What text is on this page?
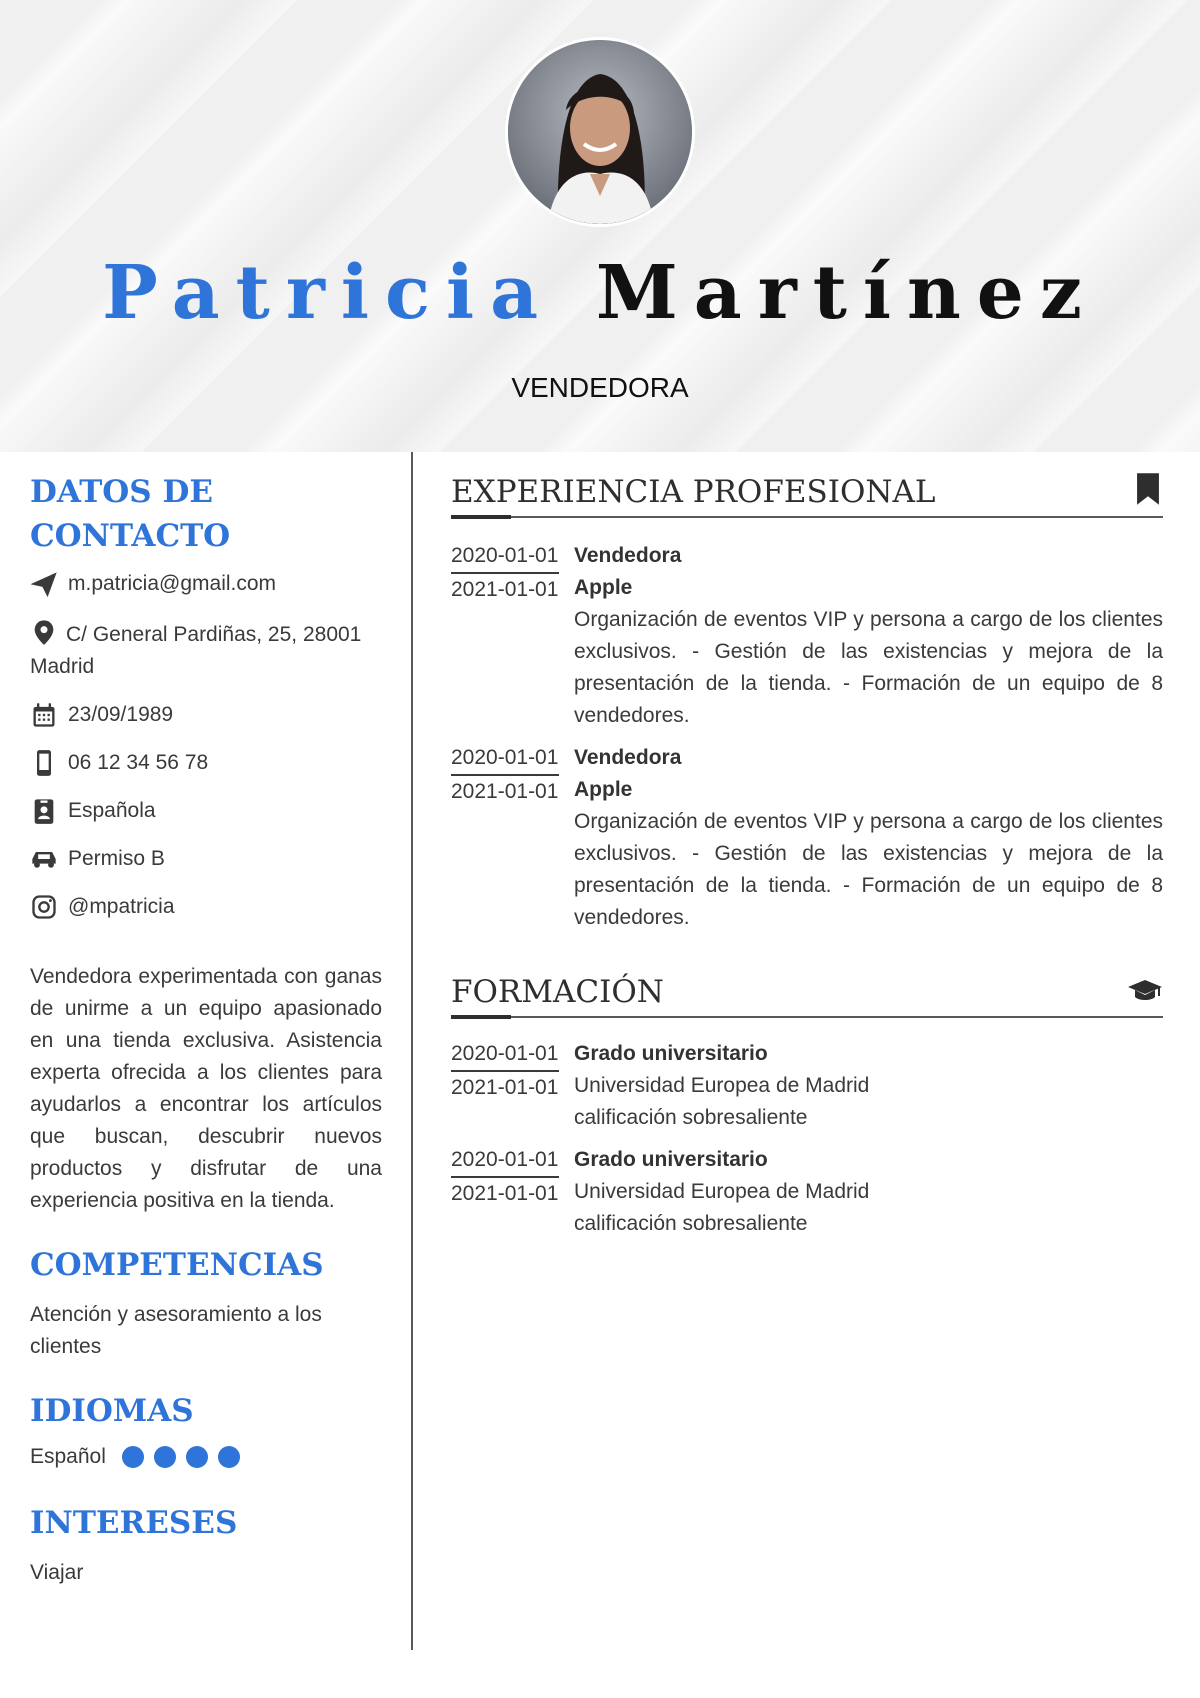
Patricia Martínez
VENDEDORA
DATOS DE CONTACTO
m.patricia@gmail.com
C/ General Pardiñas, 25, 28001 Madrid
23/09/1989
06 12 34 56 78
Española
Permiso B
@mpatricia

Vendedora experimentada con ganas de unirme a un equipo apasionado en una tienda exclusiva. Asistencia experta ofrecida a los clientes para ayudarlos a encontrar los artículos que buscan, descubrir nuevos productos y disfrutar de una experiencia positiva en la tienda.

COMPETENCIAS

Atención y asesoramiento a los clientes

IDIOMAS
Español
INTERESES

Viajar

EXPERIENCIA PROFESIONAL
2020-01-01
2021-01-01
Vendedora
Apple
Organización de eventos VIP y persona a cargo de los clientes exclusivos. - Gestión de las existencias y mejora de la presentación de la tienda. - Formación de un equipo de 8 vendedores.
2020-01-01
2021-01-01
Vendedora
Apple
Organización de eventos VIP y persona a cargo de los clientes exclusivos. - Gestión de las existencias y mejora de la presentación de la tienda. - Formación de un equipo de 8 vendedores.
FORMACIÓN
2020-01-01
2021-01-01
Grado universitario
Universidad Europea de Madrid
calificación sobresaliente
2020-01-01
2021-01-01
Grado universitario
Universidad Europea de Madrid
calificación sobresaliente
